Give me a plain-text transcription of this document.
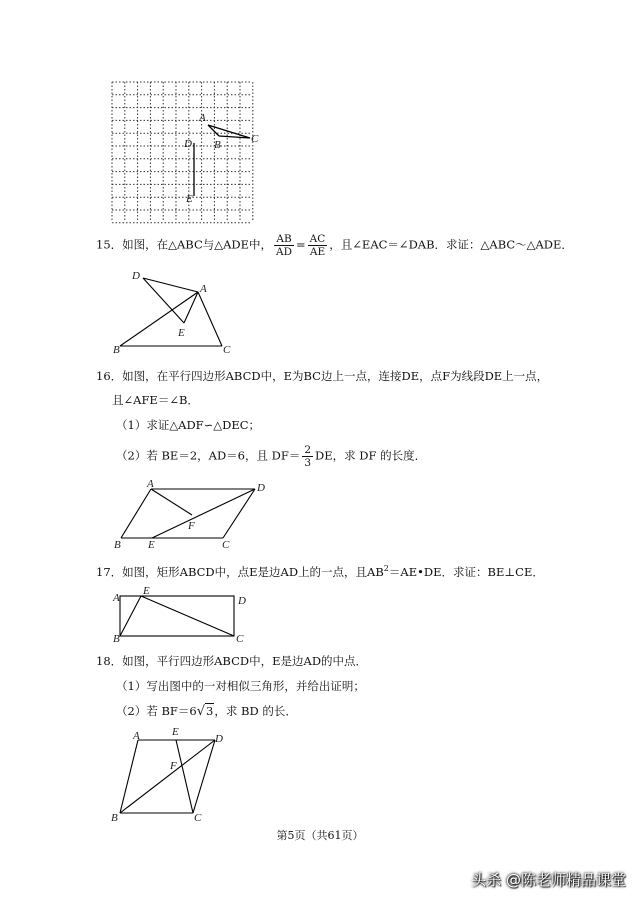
A
B	C
D
E
15．如图，在△ABC与△ADE中， $\frac{AB}{AD} = \frac{AC}{AE}$ ，且∠EAC＝∠DAB．求证：△ABC～△ADE．
D
A
E
B	C
16．如图，在平行四边形ABCD中，E为BC边上一点，连接DE，点F为线段DE上一点，
且∠AFE＝∠B．
（1）求证△ADF∽△DEC；
（2）若 BE＝2，AD＝6，且 $DF= \frac{2}{3}$ DE，求 DF 的长度．
A	D
F
B E	C
17．如图，矩形ABCD中，点E是边AD上的一点，且$AB^2=AE•DE$．求证：BE⊥CE．
A
E
D
B	C
18．如图，平行四边形ABCD中，E是边AD的中点．
（1）写出图中的一对相似三角形，并给出证明；
（2）若 BF＝6√3，求 BD 的长．
A	E
D
F
B	C
第5页（共61页）
头杀 @陈老师精品课堂
